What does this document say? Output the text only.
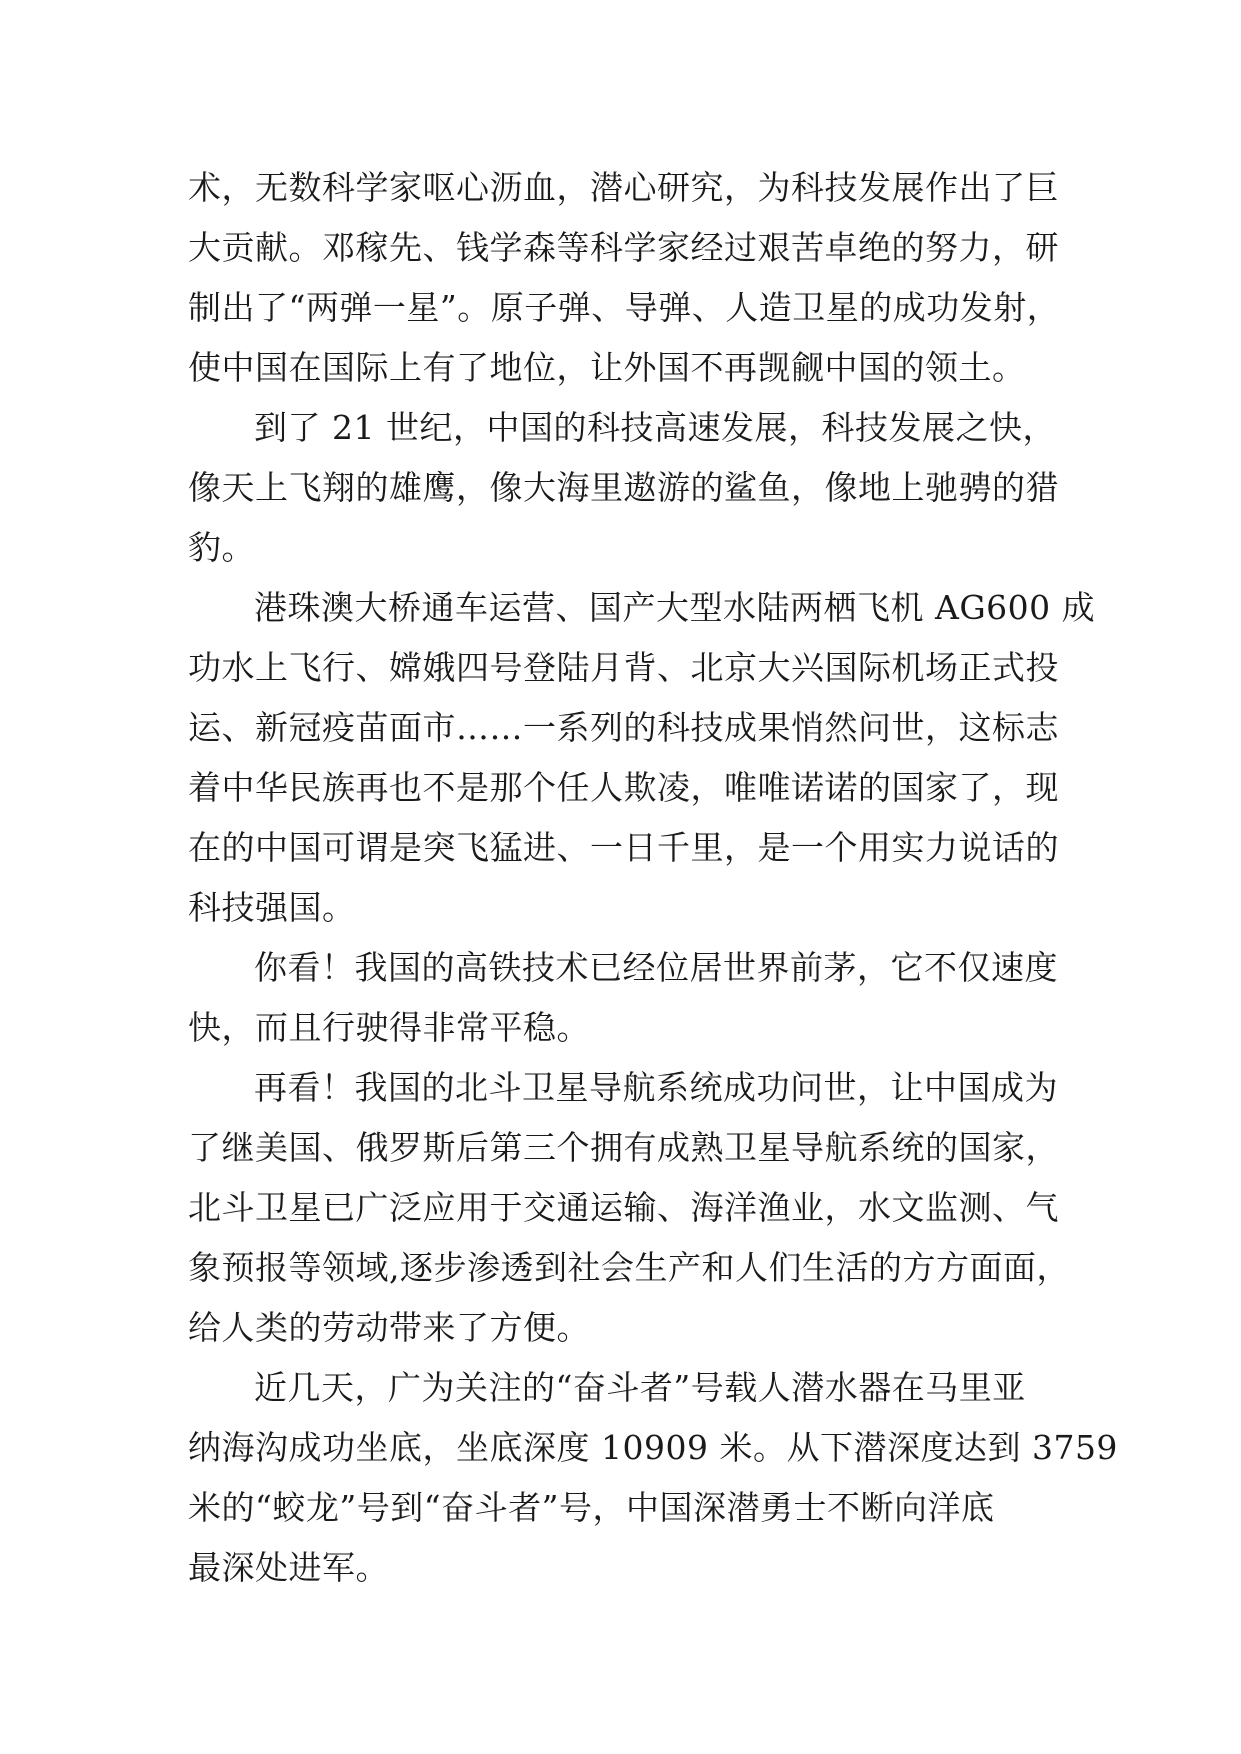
术，无数科学家呕心沥血，潜心研究，为科技发展作出了巨
大贡献。邓稼先、钱学森等科学家经过艰苦卓绝的努力，研
制出了“两弹一星”。原子弹、导弹、人造卫星的成功发射，
使中国在国际上有了地位，让外国不再觊觎中国的领土。
到了 21 世纪，中国的科技高速发展，科技发展之快，
像天上飞翔的雄鹰，像大海里遨游的鲨鱼，像地上驰骋的猎
豹。
港珠澳大桥通车运营、国产大型水陆两栖飞机 AG600 成
功水上飞行、嫦娥四号登陆月背、北京大兴国际机场正式投
运、新冠疫苗面市……一系列的科技成果悄然问世，这标志
着中华民族再也不是那个任人欺凌，唯唯诺诺的国家了，现
在的中国可谓是突飞猛进、一日千里，是一个用实力说话的
科技强国。
你看！我国的高铁技术已经位居世界前茅，它不仅速度
快，而且行驶得非常平稳。
再看！我国的北斗卫星导航系统成功问世，让中国成为
了继美国、俄罗斯后第三个拥有成熟卫星导航系统的国家，
北斗卫星已广泛应用于交通运输、海洋渔业，水文监测、气
象预报等领域,逐步渗透到社会生产和人们生活的方方面面，
给人类的劳动带来了方便。
近几天，广为关注的“奋斗者”号载人潜水器在马里亚
纳海沟成功坐底，坐底深度 10909 米。从下潜深度达到 3759
米的“蛟龙”号到“奋斗者”号，中国深潜勇士不断向洋底
最深处进军。
